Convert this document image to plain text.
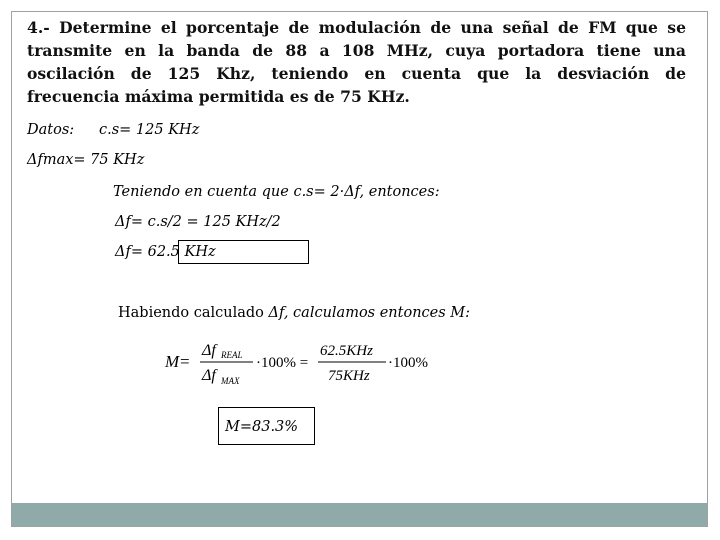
4.- Determine el porcentaje de modulación de una señal de FM que se
transmite en la banda de 88 a 108 MHz, cuya portadora tiene una
oscilación de 125 Khz, teniendo en cuenta que la desviación de
frecuencia máxima permitida es de 75 KHz.
Datos: c.s= 125 KHz
Δfmax= 75 KHz
Teniendo en cuenta que c.s= 2·Δf, entonces:
Δf= c.s/2 = 125 KHz/2
Δf= 62.5 KHz
Habiendo calculado Δf, calculamos entonces M:
M =
Δf REAL
Δf MAX
·100% =
62.5KHz
75KHz
·100%
M=83.3%
